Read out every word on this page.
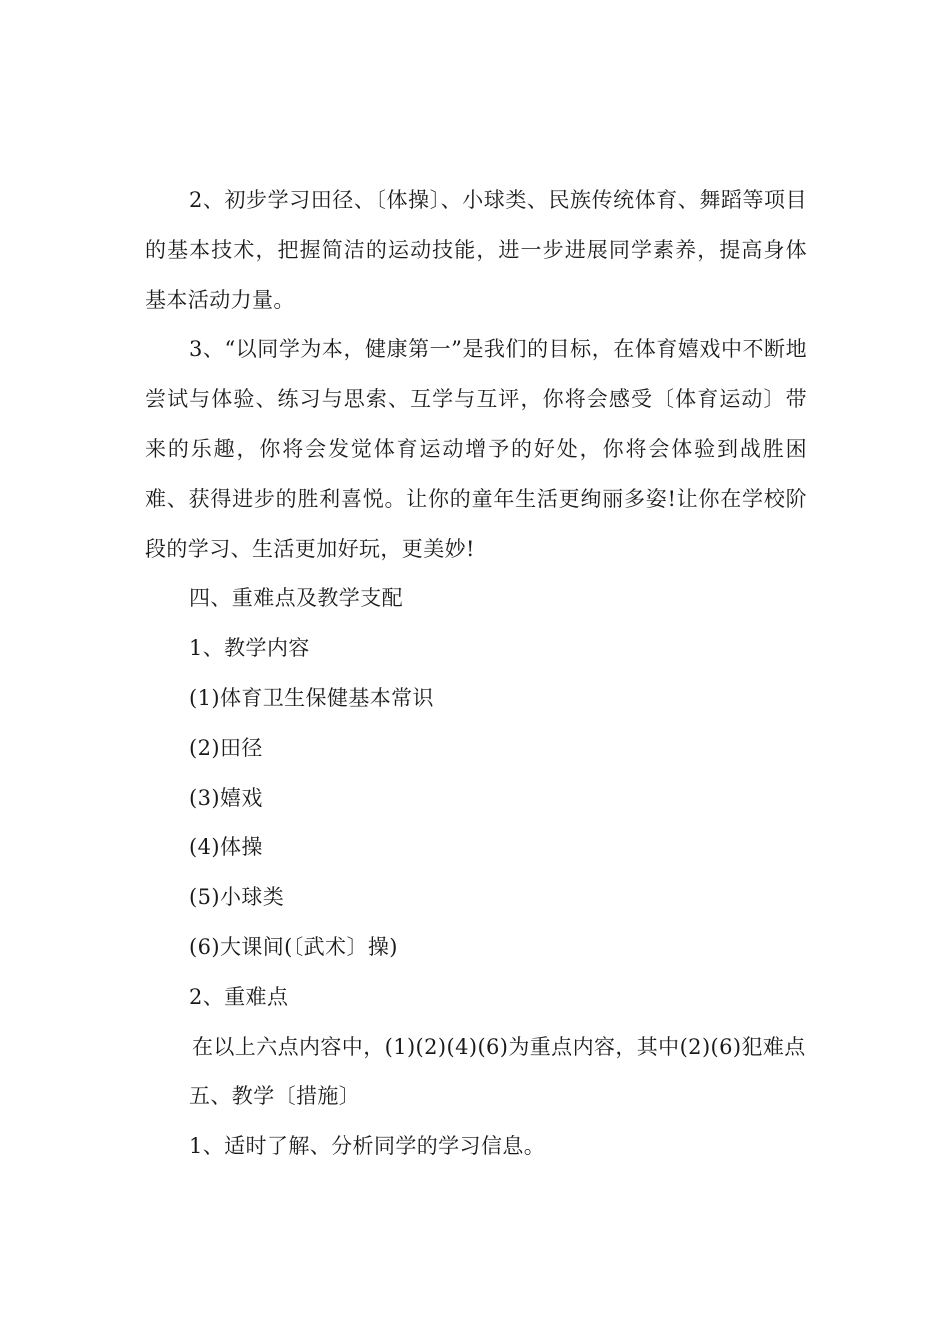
2、初步学习田径、〔体操〕、小球类、民族传统体育、舞蹈等项目的基本技术，把握简洁的运动技能，进一步进展同学素养，提高身体基本活动力量。

3、“以同学为本，健康第一”是我们的目标，在体育嬉戏中不断地尝试与体验、练习与思索、互学与互评，你将会感受〔体育运动〕带来的乐趣，你将会发觉体育运动增予的好处，你将会体验到战胜困难、获得进步的胜利喜悦。让你的童年生活更绚丽多姿!让你在学校阶段的学习、生活更加好玩，更美妙!

四、重难点及教学支配

1、教学内容

(1)体育卫生保健基本常识

(2)田径

(3)嬉戏

(4)体操

(5)小球类

(6)大课间(〔武术〕操)

2、重难点

在以上六点内容中，(1)(2)(4)(6)为重点内容，其中(2)(6)犯难点

五、教学〔措施〕

1、适时了解、分析同学的学习信息。
